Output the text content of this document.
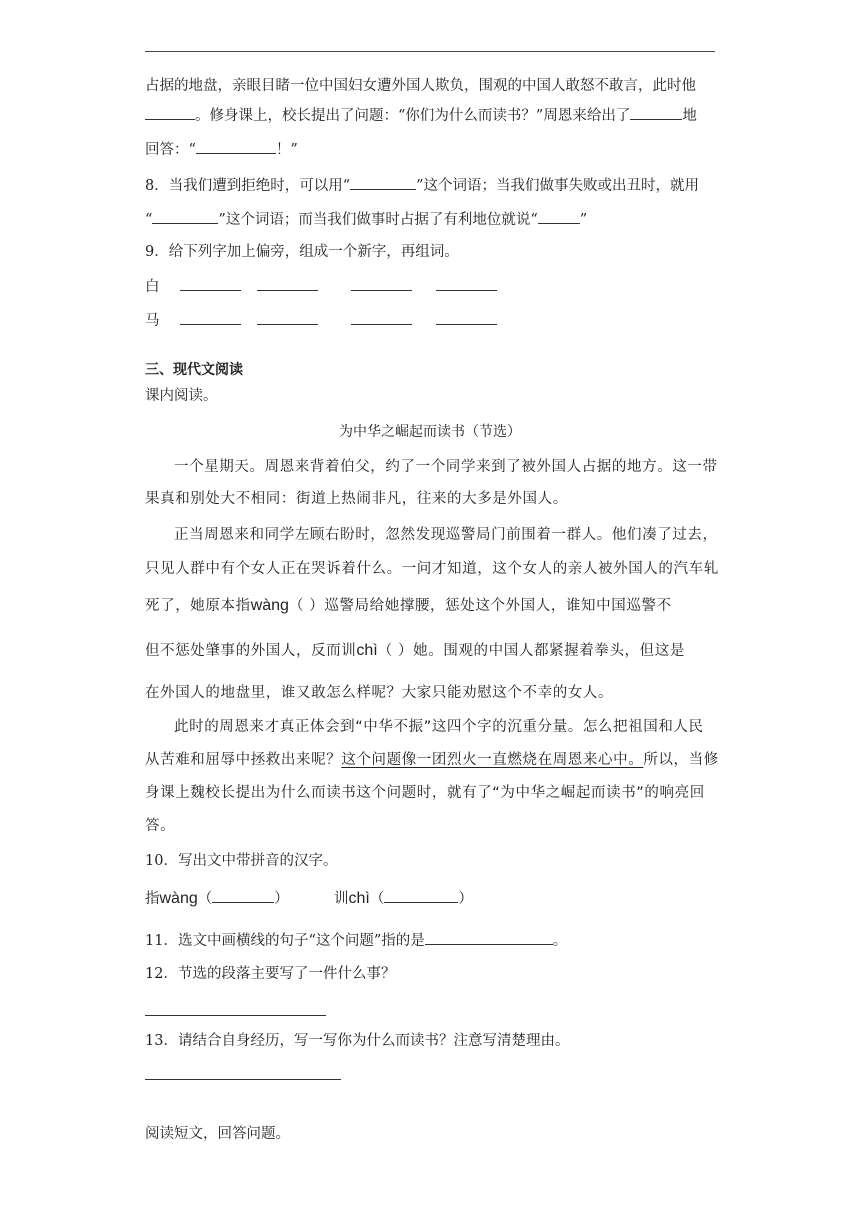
占据的地盘，亲眼目睹一位中国妇女遭外国人欺负，围观的中国人敢怒不敢言，此时他
。修身课上，校长提出了问题：“你们为什么而读书？”周恩来给出了	地
回答：“	！”
8．当我们遭到拒绝时，可以用“	”这个词语；当我们做事失败或出丑时，就用
“	”这个词语；而当我们做事时占据了有利地位就说“	”
9．给下列字加上偏旁，组成一个新字，再组词。
白
马
三、现代文阅读
课内阅读。
为中华之崛起而读书（节选）
一个星期天。周恩来背着伯父，约了一个同学来到了被外国人占据的地方。这一带
果真和别处大不相同：街道上热闹非凡，往来的大多是外国人。
正当周恩来和同学左顾右盼时，忽然发现巡警局门前围着一群人。他们凑了过去，
只见人群中有个女人正在哭诉着什么。一问才知道，这个女人的亲人被外国人的汽车轧
死了，她原本指wàng（ ）巡警局给她撑腰，惩处这个外国人，谁知中国巡警不
但不惩处肇事的外国人，反而训chì（ ）她。围观的中国人都紧握着拳头，但这是
在外国人的地盘里，谁又敢怎么样呢？大家只能劝慰这个不幸的女人。
此时的周恩来才真正体会到“中华不振”这四个字的沉重分量。怎么把祖国和人民
从苦难和屈辱中拯救出来呢？这个问题像一团烈火一直燃烧在周恩来心中。所以，当修
身课上魏校长提出为什么而读书这个问题时，就有了“为中华之崛起而读书”的响亮回
答。
10．写出文中带拼音的汉字。
指wàng（	）	训chì（	）
11．选文中画横线的句子“这个问题”指的是	。
12．节选的段落主要写了一件什么事？
13．请结合自身经历，写一写你为什么而读书？注意写清楚理由。
阅读短文，回答问题。
